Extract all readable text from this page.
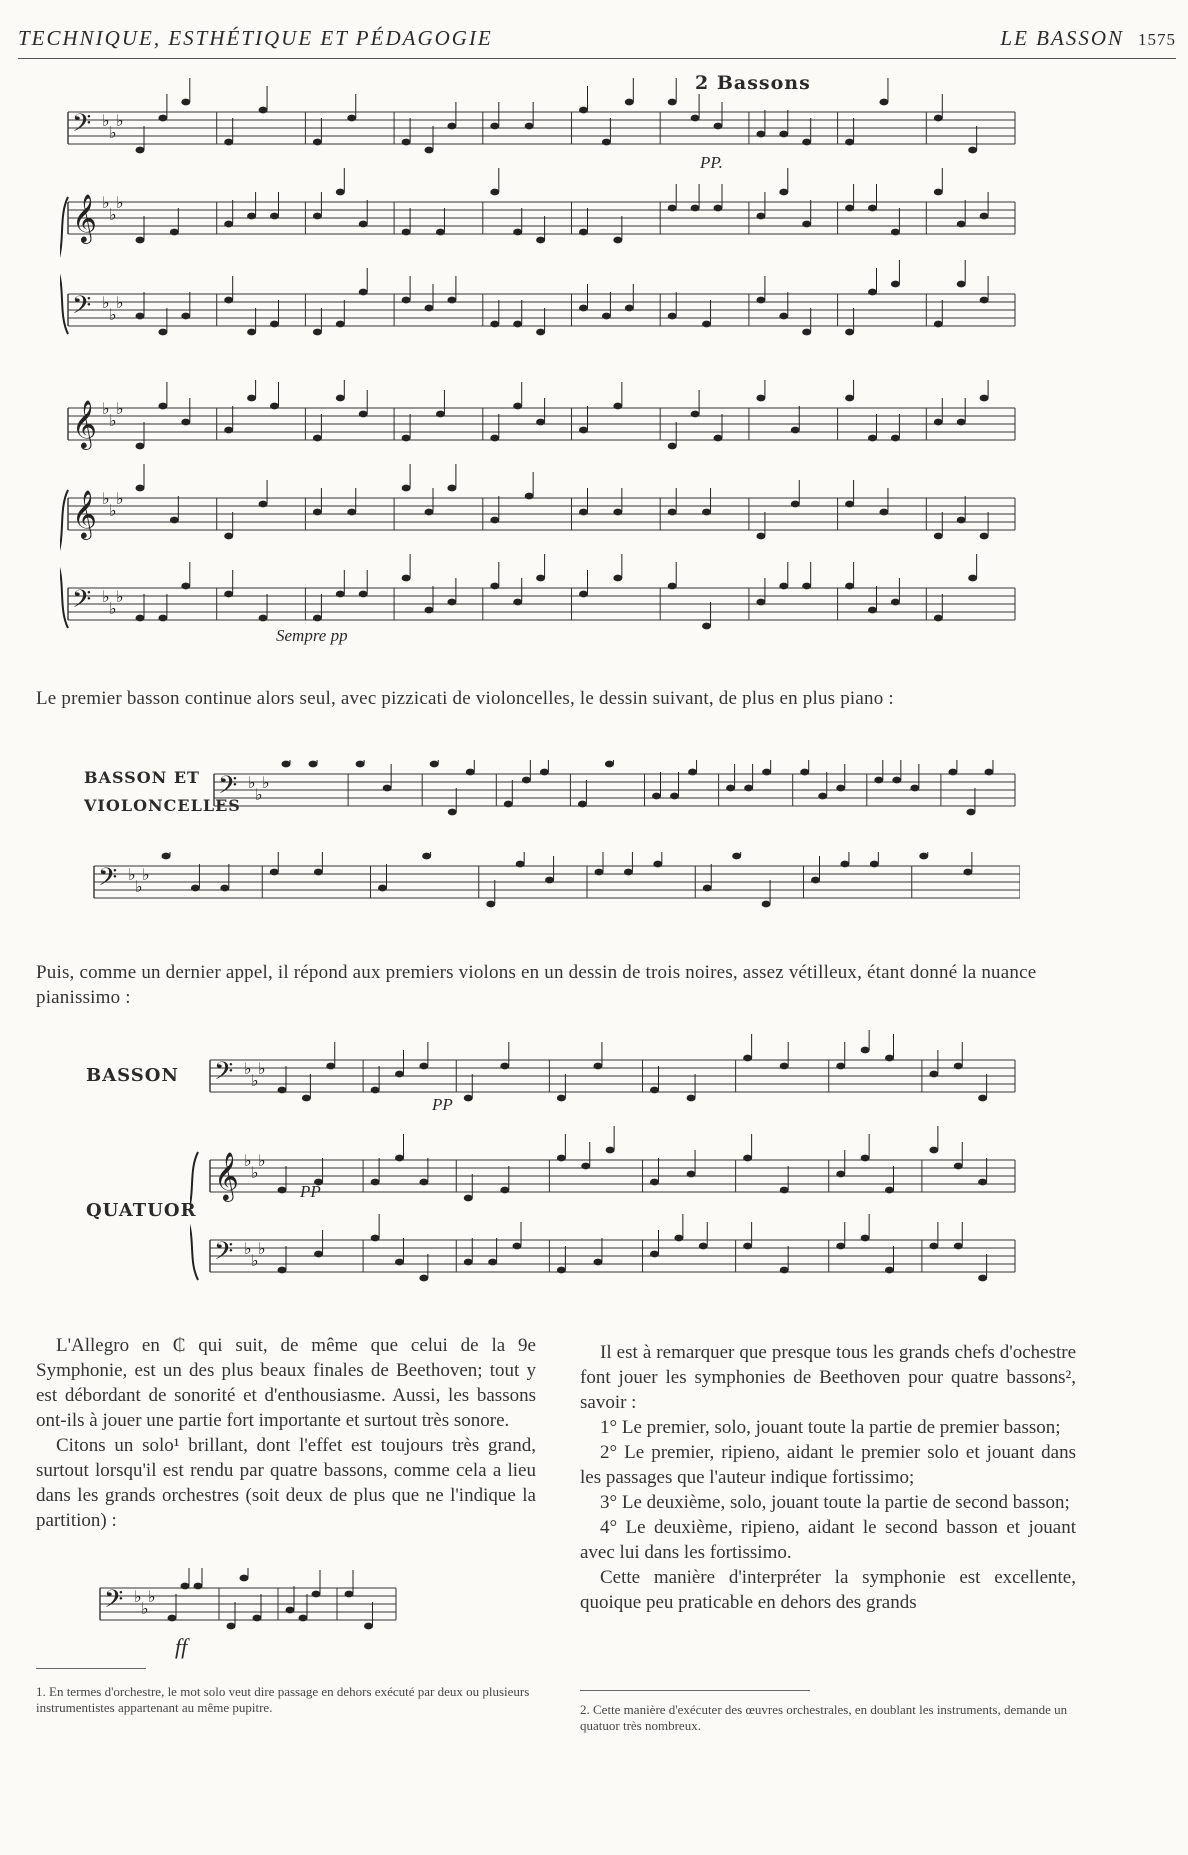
TECHNIQUE, ESTHÉTIQUE ET PÉDAGOGIE	LE BASSON 1575
𝄢 ♭
♭
♭
𝄞 ♭
♭
♭
𝄢 ♭
♭
♭
2 Bassons
PP.
𝄞 ♭
♭
♭
𝄞 ♭
♭
♭
𝄢 ♭
♭
♭
Sempre pp
Le premier basson continue alors seul, avec pizzicati de violoncelles, le dessin suivant, de plus en plus piano :
BASSON ET
VIOLONCELLES
𝄢 ♭
♭
♭
𝄢 ♭
♭
♭
Puis, comme un dernier appel, il répond aux premiers violons en un dessin de trois noires, assez vétilleux, étant donné la nuance pianissimo :
BASSON
QUATUOR
𝄢 ♭
♭
♭
𝄞 ♭
♭
♭
𝄢 ♭
♭
♭
PP
PP

L'Allegro en ₵ qui suit, de même que celui de la 9e Symphonie, est un des plus beaux finales de Beethoven; tout y est débordant de sonorité et d'enthousiasme. Aussi, les bassons ont-ils à jouer une partie fort importante et surtout très sonore.

Citons un solo¹ brillant, dont l'effet est toujours très grand, surtout lorsqu'il est rendu par quatre bassons, comme cela a lieu dans les grands orchestres (soit deux de plus que ne l'indique la partition) :

𝄢 ♭
♭
♭
ff
1. En termes d'orchestre, le mot solo veut dire passage en dehors exécuté par deux ou plusieurs instrumentistes appartenant au même pupitre.

Il est à remarquer que presque tous les grands chefs d'ochestre font jouer les symphonies de Beethoven pour quatre bassons², savoir :

1° Le premier, solo, jouant toute la partie de premier basson;

2° Le premier, ripieno, aidant le premier solo et jouant dans les passages que l'auteur indique fortissimo;

3° Le deuxième, solo, jouant toute la partie de second basson;

4° Le deuxième, ripieno, aidant le second basson et jouant avec lui dans les fortissimo.

Cette manière d'interpréter la symphonie est excellente, quoique peu praticable en dehors des grands

2. Cette manière d'exécuter des œuvres orchestrales, en doublant les instruments, demande un quatuor très nombreux.
